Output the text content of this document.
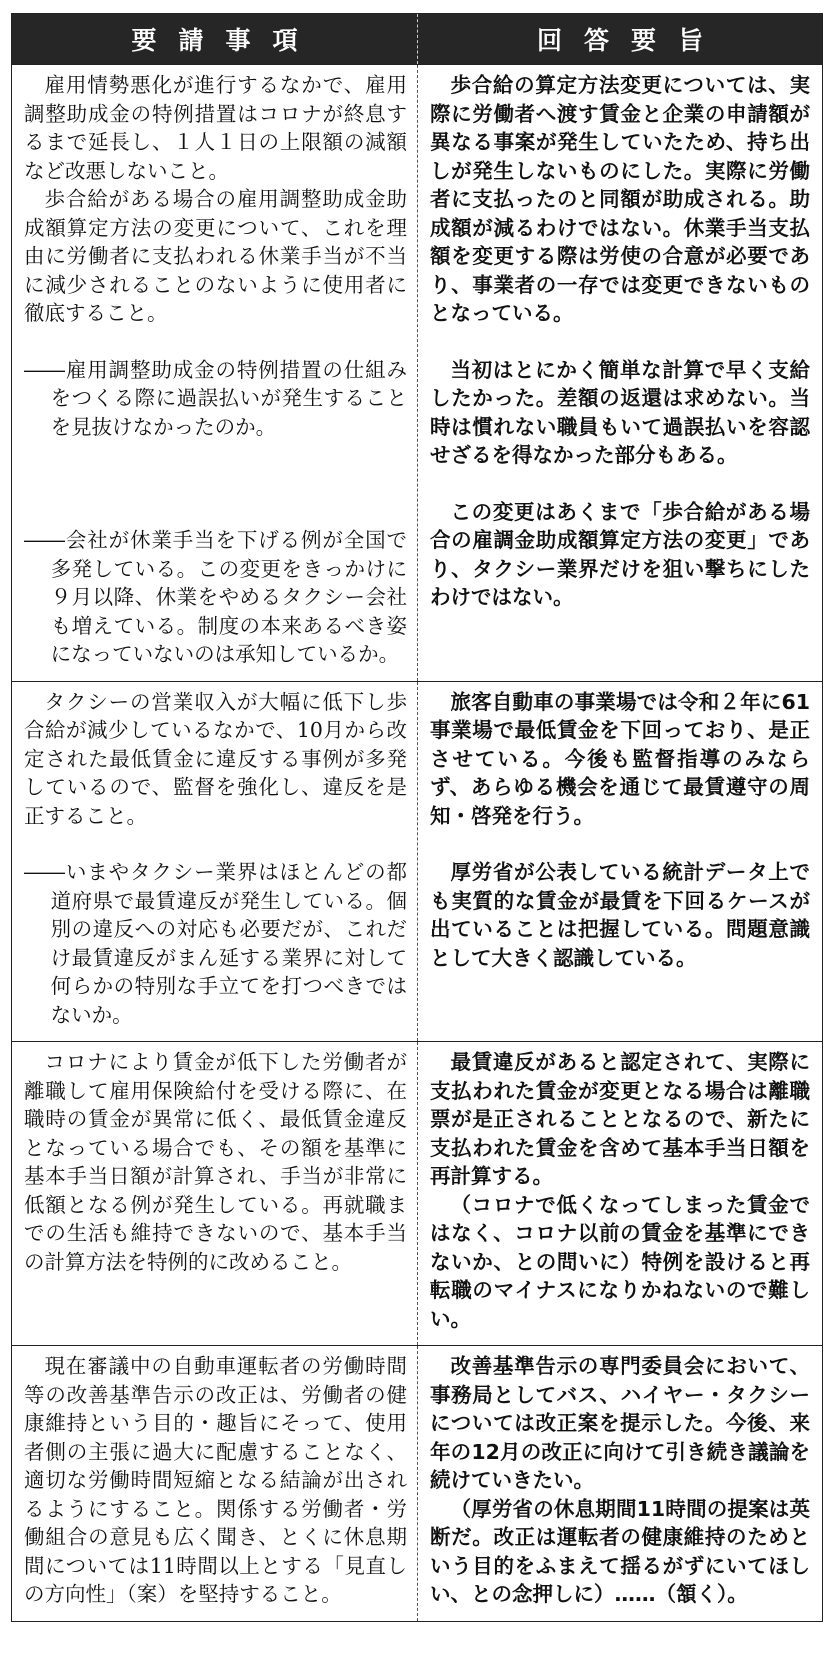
要請事項	回答要旨

雇用情勢悪化が進行するなかで、雇用調整助成金の特例措置はコロナが終息するまで延長し、１人１日の上限額の減額など改悪しないこと。

歩合給がある場合の雇用調整助成金助成額算定方法の変更について、これを理由に労働者に支払われる休業手当が不当に減少されることのないように使用者に徹底すること。

――雇用調整助成金の特例措置の仕組みをつくる際に過誤払いが発生することを見抜けなかったのか。

――会社が休業手当を下げる例が全国で多発している。この変更をきっかけに９月以降、休業をやめるタクシー会社も増えている。制度の本来あるべき姿になっていないのは承知しているか。

歩合給の算定方法変更については、実際に労働者へ渡す賃金と企業の申請額が異なる事案が発生していたため、持ち出しが発生しないものにした。実際に労働者に支払ったのと同額が助成される。助成額が減るわけではない。休業手当支払額を変更する際は労使の合意が必要であり、事業者の一存では変更できないものとなっている。

当初はとにかく簡単な計算で早く支給したかった。差額の返還は求めない。当時は慣れない職員もいて過誤払いを容認せざるを得なかった部分もある。

この変更はあくまで「歩合給がある場合の雇調金助成額算定方法の変更」であり、タクシー業界だけを狙い撃ちにしたわけではない。

タクシーの営業収入が大幅に低下し歩合給が減少しているなかで、10月から改定された最低賃金に違反する事例が多発しているので、監督を強化し、違反を是正すること。

――いまやタクシー業界はほとんどの都道府県で最賃違反が発生している。個別の違反への対応も必要だが、これだけ最賃違反がまん延する業界に対して何らかの特別な手立てを打つべきではないか。

旅客自動車の事業場では令和２年に61事業場で最低賃金を下回っており、是正させている。今後も監督指導のみならず、あらゆる機会を通じて最賃遵守の周知・啓発を行う。

厚労省が公表している統計データ上でも実質的な賃金が最賃を下回るケースが出ていることは把握している。問題意識として大きく認識している。

コロナにより賃金が低下した労働者が離職して雇用保険給付を受ける際に、在職時の賃金が異常に低く、最低賃金違反となっている場合でも、その額を基準に基本手当日額が計算され、手当が非常に低額となる例が発生している。再就職までの生活も維持できないので、基本手当の計算方法を特例的に改めること。

最賃違反があると認定されて、実際に支払われた賃金が変更となる場合は離職票が是正されることとなるので、新たに支払われた賃金を含めて基本手当日額を再計算する。

（コロナで低くなってしまった賃金ではなく、コロナ以前の賃金を基準にできないか、との問いに）特例を設けると再転職のマイナスになりかねないので難しい。

現在審議中の自動車運転者の労働時間等の改善基準告示の改正は、労働者の健康維持という目的・趣旨にそって、使用者側の主張に過大に配慮することなく、適切な労働時間短縮となる結論が出されるようにすること。関係する労働者・労働組合の意見も広く聞き、とくに休息期間については11時間以上とする「見直しの方向性」（案）を堅持すること。

改善基準告示の専門委員会において、事務局としてバス、ハイヤー・タクシーについては改正案を提示した。今後、来年の12月の改正に向けて引き続き議論を続けていきたい。

（厚労省の休息期間11時間の提案は英断だ。改正は運転者の健康維持のためという目的をふまえて揺るがずにいてほしい、との念押しに）……（頷く）。
